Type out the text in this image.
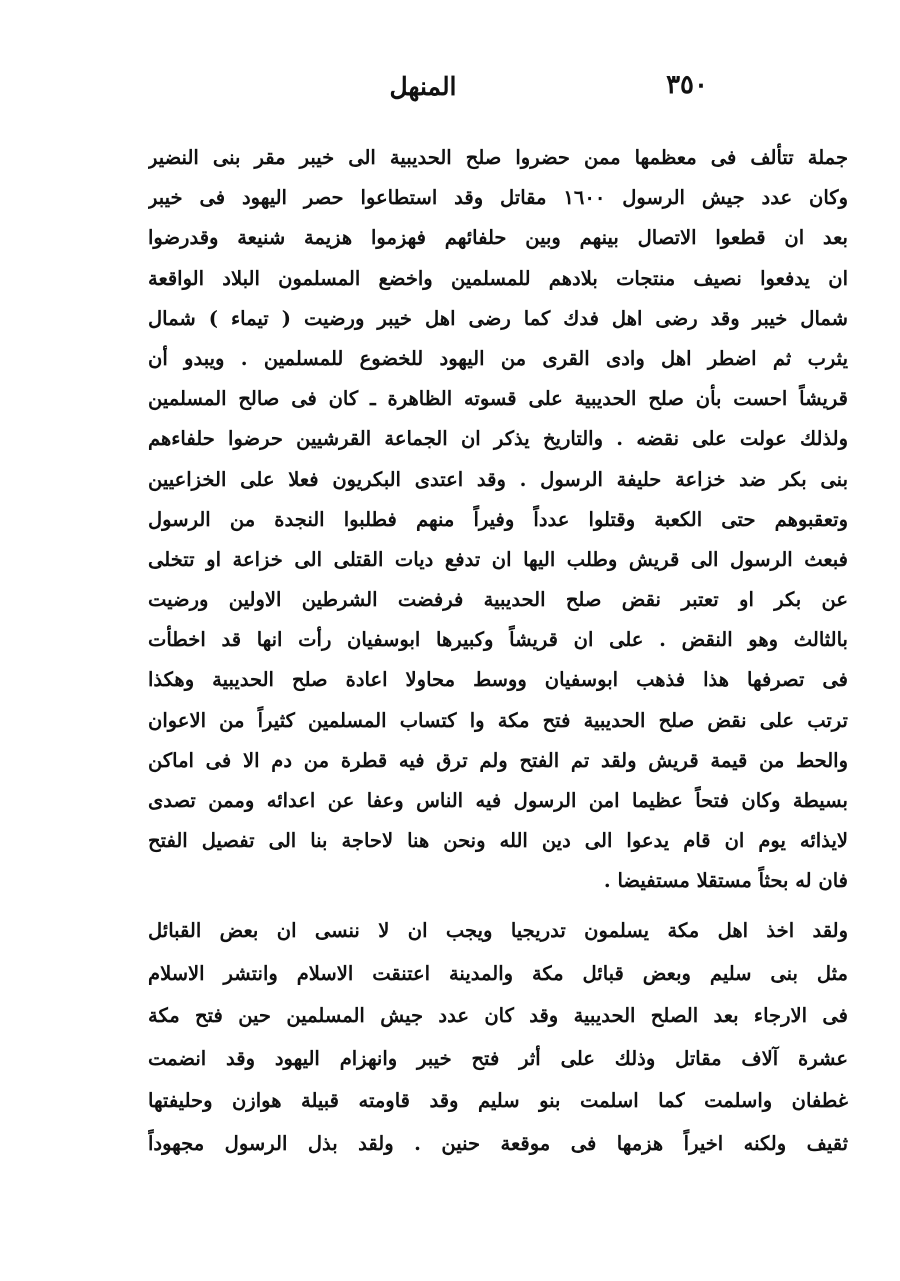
المنهل	٣٥٠
جملة تتألف فى معظمها ممن حضروا صلح الحديبية الى خيبر مقر بنى النضير
وكان عدد جيش الرسول ١٦٠٠ مقاتل وقد استطاعوا حصر اليهود فى خيبر
بعد ان قطعوا الاتصال بينهم وبين حلفائهم فهزموا هزيمة شنيعة وقدرضوا
ان يدفعوا نصيف منتجات بلادهم للمسلمين واخضع المسلمون البلاد الواقعة
شمال خيبر وقد رضى اهل فدك كما رضى اهل خيبر ورضيت ( تيماء ) شمال
يثرب ثم اضطر اهل وادى القرى من اليهود للخضوع للمسلمين . ويبدو أن
قريشاً احست بأن صلح الحديبية على قسوته الظاهرة ـ كان فى صالح المسلمين
ولذلك عولت على نقضه . والتاريخ يذكر ان الجماعة القرشيين حرضوا حلفاءهم
بنى بكر ضد خزاعة حليفة الرسول . وقد اعتدى البكريون فعلا على الخزاعيين
وتعقبوهم حتى الكعبة وقتلوا عدداً وفيراً منهم فطلبوا النجدة من الرسول
فبعث الرسول الى قريش وطلب اليها ان تدفع ديات القتلى الى خزاعة او تتخلى
عن بكر او تعتبر نقض صلح الحديبية فرفضت الشرطين الاولين ورضيت
بالثالث وهو النقض . على ان قريشاً وكبيرها ابوسفيان رأت انها قد اخطأت
فى تصرفها هذا فذهب ابوسفيان ووسط محاولا اعادة صلح الحديبية وهكذا
ترتب على نقض صلح الحديبية فتح مكة وا كتساب المسلمين كثيراً من الاعوان
والحط من قيمة قريش ولقد تم الفتح ولم ترق فيه قطرة من دم الا فى اماكن
بسيطة وكان فتحاً عظيما امن الرسول فيه الناس وعفا عن اعدائه وممن تصدى
لايذائه يوم ان قام يدعوا الى دين الله ونحن هنا لاحاجة بنا الى تفصيل الفتح
فان له بحثاً مستقلا مستفيضا .
ولقد اخذ اهل مكة يسلمون تدريجيا ويجب ان لا ننسى ان بعض القبائل
مثل بنى سليم وبعض قبائل مكة والمدينة اعتنقت الاسلام وانتشر الاسلام
فى الارجاء بعد الصلح الحديبية وقد كان عدد جيش المسلمين حين فتح مكة
عشرة آلاف مقاتل وذلك على أثر فتح خيبر وانهزام اليهود وقد انضمت
غطفان واسلمت كما اسلمت بنو سليم وقد قاومته قبيلة هوازن وحليفتها
ثقيف ولكنه اخيراً هزمها فى موقعة حنين . ولقد بذل الرسول مجهوداً
